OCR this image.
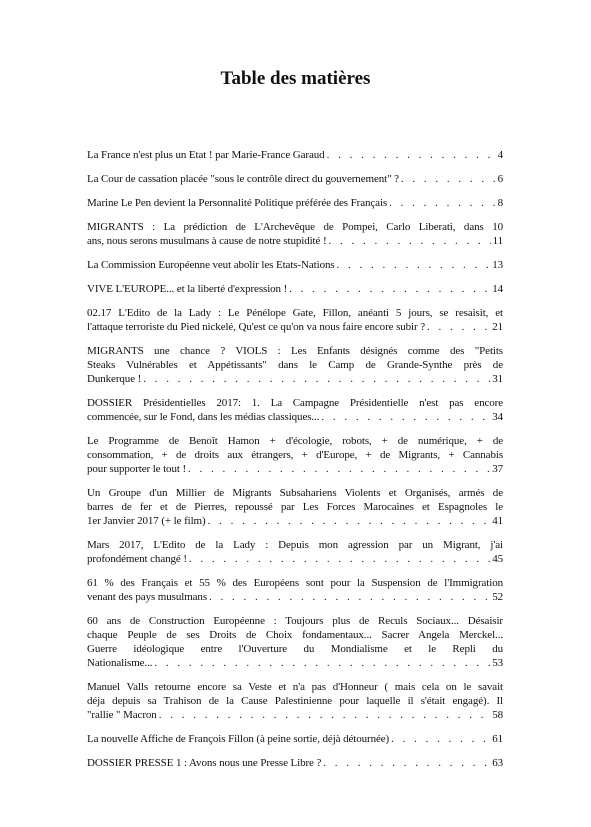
Table des matières
La France n'est plus un Etat ! par Marie-France Garaud . . .	4
La Cour de cassation placée "sous le contrôle direct du gouvernement" ? . . .	6
Marine Le Pen devient la Personnalité Politique préférée des Français . . .	8
MIGRANTS : La prédiction de L'Archevêque de Pompei, Carlo Liberati, dans 10
ans, nous serons musulmans à cause de notre stupidité ! . . .	11
La Commission Européenne veut abolir les Etats-Nations . . .	13
VIVE L'EUROPE... et la liberté d'expression ! . . .	14
02.17 L'Edito de la Lady : Le Pénélope Gate, Fillon, anéanti 5 jours, se resaisit, et
l'attaque terroriste du Pied nickelé, Qu'est ce qu'on va nous faire encore subir ? . . .	21
MIGRANTS une chance ? VIOLS : Les Enfants désignés comme des "Petits
Steaks Vulnérables et Appétissants" dans le Camp de Grande-Synthe près de
Dunkerque ! . . .	31
DOSSIER Présidentielles 2017: 1. La Campagne Présidentielle n'est pas encore
commencée, sur le Fond, dans les médias classiques... . . .	34
Le Programme de Benoît Hamon + d'écologie, robots, + de numérique, + de
consommation, + de droits aux étrangers, + d'Europe, + de Migrants, + Cannabis
pour supporter le tout ! . . .	37
Un Groupe d'un Millier de Migrants Subsahariens Violents et Organisés, armés de
barres de fer et de Pierres, repoussé par Les Forces Marocaines et Espagnoles le
1er Janvier 2017 (+ le film) . . .	41
Mars 2017, L'Edito de la Lady : Depuis mon agression par un Migrant, j'ai
profondément changé ! . . .	45
61 % des Français et 55 % des Européens sont pour la Suspension de l'Immigration
venant des pays musulmans . . .	52
60 ans de Construction Européenne : Toujours plus de Reculs Sociaux... Désaisir
chaque Peuple de ses Droits de Choix fondamentaux... Sacrer Angela Merckel...
Guerre idéologique entre l'Ouverture du Mondialisme et le Repli du
Nationalisme... . . .	53
Manuel Valls retourne encore sa Veste et n'a pas d'Honneur ( mais cela on le savait
déja depuis sa Trahison de la Cause Palestinienne pour laquelle il s'était engagé). Il
"rallie " Macron . . .	58
La nouvelle Affiche de François Fillon (à peine sortie, déjà détournée) . . .	61
DOSSIER PRESSE 1 : Avons nous une Presse Libre ? . . .	63
